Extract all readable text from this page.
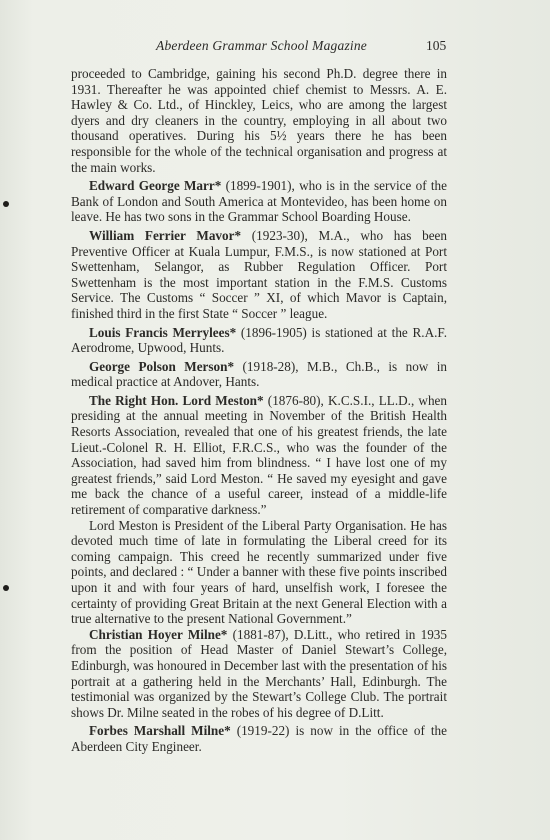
Aberdeen Grammar School Magazine	105

proceeded to Cambridge, gaining his second Ph.D. degree there in 1931. Thereafter he was appointed chief chemist to Messrs. A. E. Hawley & Co. Ltd., of Hinckley, Leics, who are among the largest dyers and dry cleaners in the country, employing in all about two thousand operatives. During his 5½ years there he has been responsible for the whole of the technical organisation and progress at the main works.

Edward George Marr* (1899-1901), who is in the service of the Bank of London and South America at Montevideo, has been home on leave. He has two sons in the Grammar School Boarding House.

William Ferrier Mavor* (1923-30), M.A., who has been Preventive Officer at Kuala Lumpur, F.M.S., is now stationed at Port Swettenham, Selangor, as Rubber Regulation Officer. Port Swettenham is the most important station in the F.M.S. Customs Service. The Customs “ Soccer ” XI, of which Mavor is Captain, finished third in the first State “ Soccer ” league.

Louis Francis Merrylees* (1896-1905) is stationed at the R.A.F. Aerodrome, Upwood, Hunts.

George Polson Merson* (1918-28), M.B., Ch.B., is now in medical practice at Andover, Hants.

The Right Hon. Lord Meston* (1876-80), K.C.S.I., LL.D., when presiding at the annual meeting in November of the British Health Resorts Association, revealed that one of his greatest friends, the late Lieut.-Colonel R. H. Elliot, F.R.C.S., who was the founder of the Association, had saved him from blindness. “ I have lost one of my greatest friends,” said Lord Meston. “ He saved my eyesight and gave me back the chance of a useful career, instead of a middle-life retirement of comparative darkness.”

Lord Meston is President of the Liberal Party Organisation. He has devoted much time of late in formulating the Liberal creed for its coming campaign. This creed he recently summarized under five points, and declared : “ Under a banner with these five points inscribed upon it and with four years of hard, unselfish work, I foresee the certainty of providing Great Britain at the next General Election with a true alternative to the present National Government.”

Christian Hoyer Milne* (1881-87), D.Litt., who retired in 1935 from the position of Head Master of Daniel Stewart’s College, Edinburgh, was honoured in December last with the presentation of his portrait at a gathering held in the Merchants’ Hall, Edinburgh. The testimonial was organized by the Stewart’s College Club. The portrait shows Dr. Milne seated in the robes of his degree of D.Litt.

Forbes Marshall Milne* (1919-22) is now in the office of the Aberdeen City Engineer.
